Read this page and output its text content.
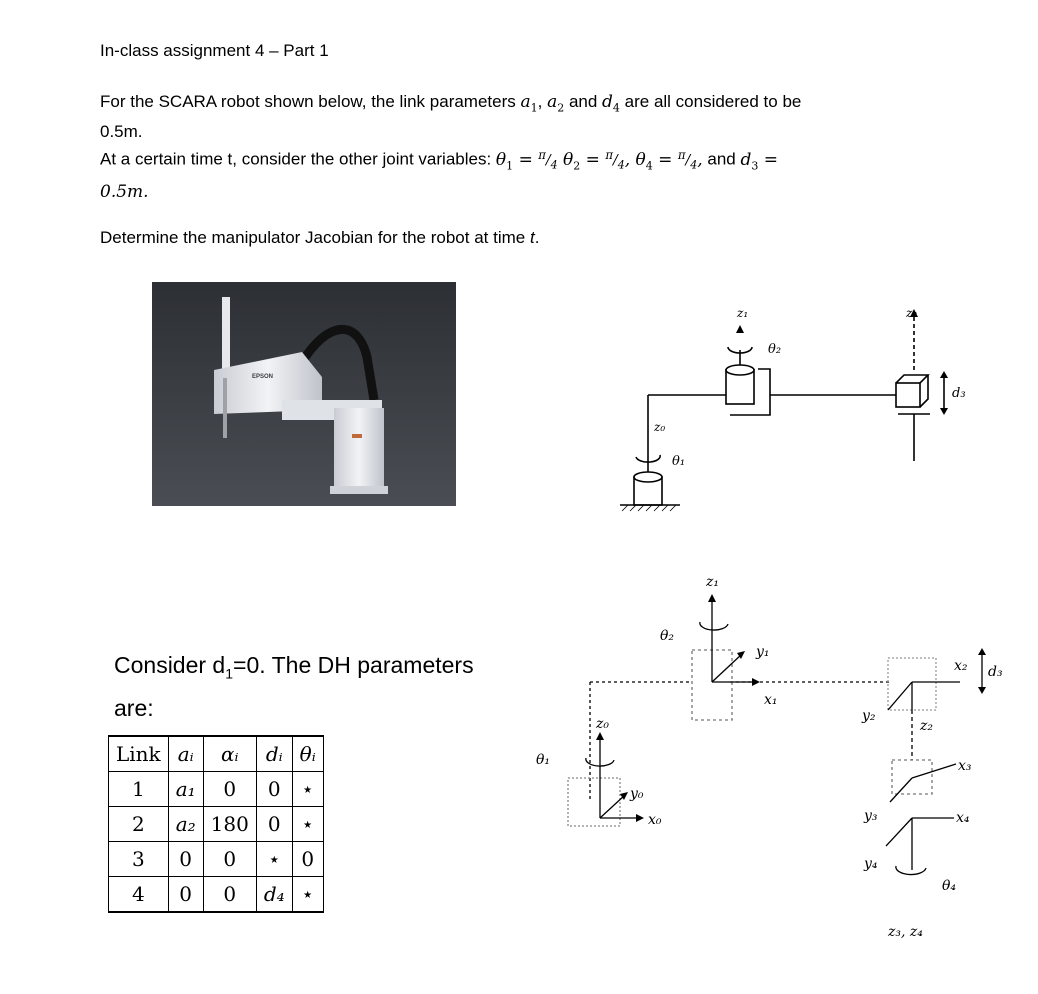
In-class assignment 4 – Part 1
For the SCARA robot shown below, the link parameters $a_1$, $a_2$ and $d_4$ are all considered to be
0.5m.
At a certain time t, consider the other joint variables: $\theta_1 = ^\pi/_4$ $\theta_2 = ^\pi/_4$, $\theta_4 = ^\pi/_4$, and $d_3$ =
0.5m.
Determine the manipulator Jacobian for the robot at time t.
EPSON
z₀
θ₁
z₁
θ₂
z₂
d₃
Consider $d_1=0$. The DH parameters
are:
Link	aᵢ	αᵢ	dᵢ	θᵢ
1	a₁	0	0	⋆
2	a₂	180	0	⋆
3	0	0	⋆	0
4	0	0	d₄	⋆
z₁
θ₂
y₁
x₁
z₀
θ₁
y₀
x₀
x₂ d₃
y₂
z₂
x₃
y₃	x₄
y₄
θ₄
z₃, z₄
